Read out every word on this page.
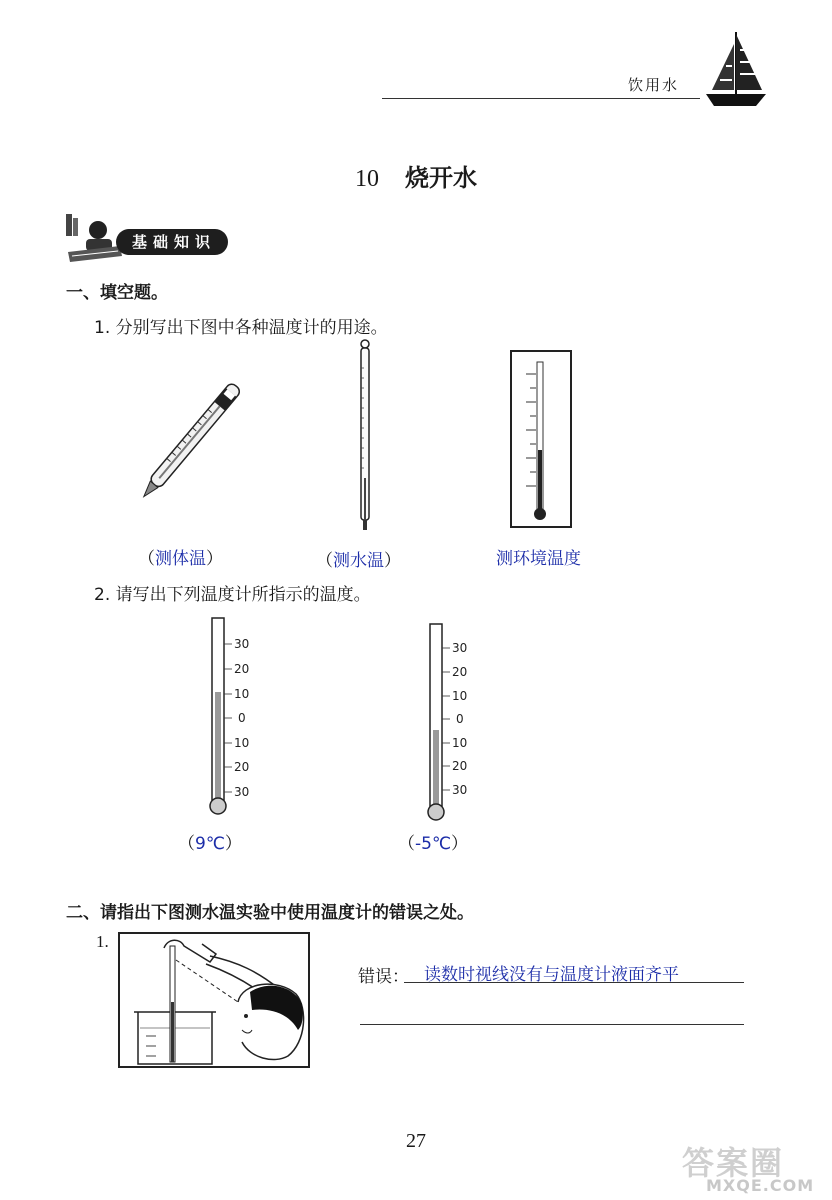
饮用水
10 烧开水
基础知识
一、填空题。
1. 分别写出下图中各种温度计的用途。
（测体温）	（测水温）	测环境温度
2. 请写出下列温度计所指示的温度。
30
20
10
0
10
20
30
30
20
10
0
10
20
30
（9℃）	（-5℃）
二、请指出下图测水温实验中使用温度计的错误之处。
1.
错误： 读数时视线没有与温度计液面齐平
27
答案圈
MXQE.COM
